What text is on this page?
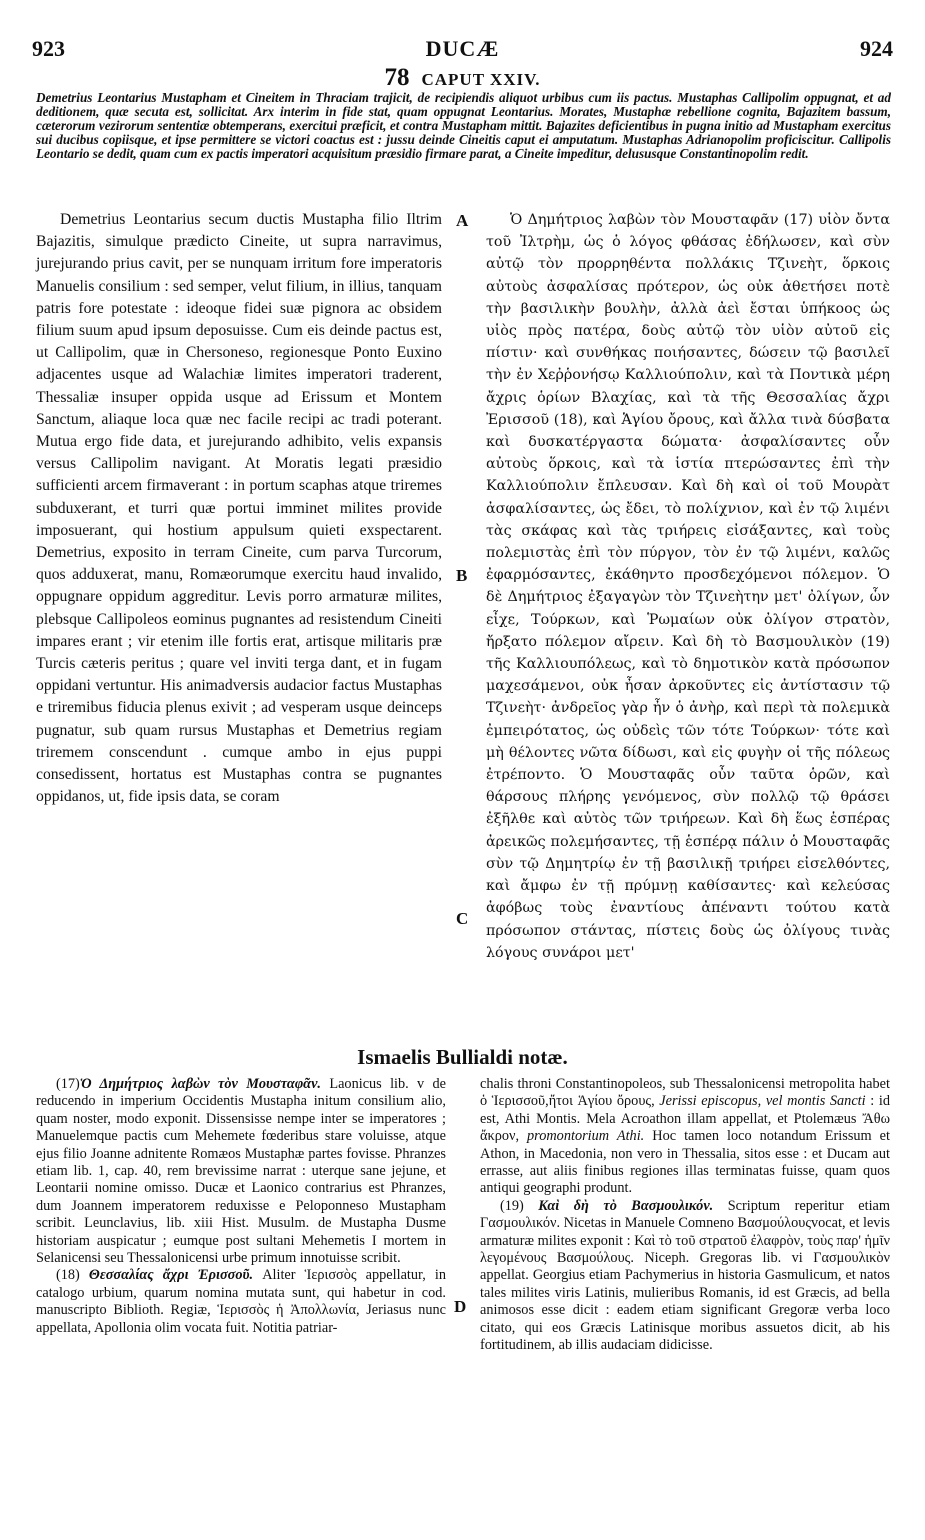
923	DUCÆ	924
78 CAPUT XXIV.

Demetrius Leontarius Mustapham et Cineitem in Thraciam trajicit, de recipiendis aliquot urbibus cum iis pactus. Mustaphas Callipolim oppugnat, et ad deditionem, quæ secuta est, sollicitat. Arx interim in fide stat, quam oppugnat Leontarius. Morates, Mustaphæ rebellione cognita, Bajazitem bassum, cæterorum vezirorum sententiæ obtemperans, exercitui præficit, et contra Mustapham mittit. Bajazites deficientibus in pugna initio ad Mustapham exercitus sui ducibus copiisque, et ipse permittere se victori coactus est : jussu deinde Cineitis caput ei amputatum. Mustaphas Adrianopolim proficiscitur. Callipolis Leontario se dedit, quam cum ex pactis imperatori acquisitum præsidio firmare parat, a Cineite impeditur, delususque Constantinopolim redit.

Demetrius Leontarius secum ductis Mustapha filio Iltrim Bajazitis, simulque prædicto Cineite, ut supra narravimus, jurejurando prius cavit, per se nunquam irritum fore imperatoris Manuelis consilium : sed semper, velut filium, in illius, tanquam patris fore potestate : ideoque fidei suæ pignora ac obsidem filium suum apud ipsum deposuisse. Cum eis deinde pactus est, ut Callipolim, quæ in Chersoneso, regionesque Ponto Euxino adjacentes usque ad Walachiæ limites imperatori traderent, Thessaliæ insuper oppida usque ad Erissum et Montem Sanctum, aliaque loca quæ nec facile recipi ac tradi poterant. Mutua ergo fide data, et jurejurando adhibito, velis expansis versus Callipolim navigant. At Moratis legati præsidio sufficienti arcem firmaverant : in portum scaphas atque triremes subduxerant, et turri quæ portui imminet milites provide imposuerant, qui hostium appulsum quieti exspectarent. Demetrius, exposito in terram Cineite, cum parva Turcorum, quos adduxerat, manu, Romæorumque exercitu haud invalido, oppugnare oppidum aggreditur. Levis porro armaturæ milites, plebsque Callipoleos eominus pugnantes ad resistendum Cineiti impares erant ; vir etenim ille fortis erat, artisque militaris præ Turcis cæteris peritus ; quare vel inviti terga dant, et in fugam oppidani vertuntur. His animadversis audacior factus Mustaphas e triremibus fiducia plenus exivit ; ad vesperam usque deinceps pugnatur, sub quam rursus Mustaphas et Demetrius regiam triremem conscendunt . cumque ambo in ejus puppi consedissent, hortatus est Mustaphas contra se pugnantes oppidanos, ut, fide ipsis data, se coram

A
B
C
D

Ὁ Δημήτριος λαβὼν τὸν Μουσταφᾶν (17) υἱὸν ὄντα τοῦ Ἰλτρὴμ, ὡς ὁ λόγος φθάσας ἐδήλωσεν, καὶ σὺν αὐτῷ τὸν προρρηθέντα πολλάκις Τζινεὴτ, ὅρκοις αὐτοὺς ἀσφαλίσας πρότερον, ὡς οὐκ ἀθετήσει ποτὲ τὴν βασιλικὴν βουλὴν, ἀλλὰ ἀεὶ ἔσται ὑπήκοος ὡς υἱὸς πρὸς πατέρα, δοὺς αὐτῷ τὸν υἱὸν αὐτοῦ εἰς πίστιν· καὶ συνθήκας ποιήσαντες, δώσειν τῷ βασιλεῖ τὴν ἐν Χεῤῥονήσῳ Καλλιούπολιν, καὶ τὰ Ποντικὰ μέρη ἄχρις ὁρίων Βλαχίας, καὶ τὰ τῆς Θεσσαλίας ἄχρι Ἐρισσοῦ (18), καὶ Ἁγίου ὄρους, καὶ ἄλλα τινὰ δύσβατα καὶ δυσκατέργαστα δώματα· ἀσφαλίσαντες οὖν αὐτοὺς ὅρκοις, καὶ τὰ ἱστία πτερώσαντες ἐπὶ τὴν Καλλιούπολιν ἔπλευσαν. Καὶ δὴ καὶ οἱ τοῦ Μουρὰτ ἀσφαλίσαντες, ὡς ἔδει, τὸ πολίχνιον, καὶ ἐν τῷ λιμένι τὰς σκάφας καὶ τὰς τριήρεις εἰσάξαντες, καὶ τοὺς πολεμιστὰς ἐπὶ τὸν πύργον, τὸν ἐν τῷ λιμένι, καλῶς ἐφαρμόσαντες, ἐκάθηντο προσδεχόμενοι πόλεμον. Ὁ δὲ Δημήτριος ἐξαγαγὼν τὸν Τζινεὴτην μετ' ὀλίγων, ὧν εἶχε, Τούρκων, καὶ Ῥωμαίων οὐκ ὀλίγον στρατὸν, ἤρξατο πόλεμον αἴρειν. Καὶ δὴ τὸ Βασμουλικὸν (19) τῆς Καλλιουπόλεως, καὶ τὸ δημοτικὸν κατὰ πρόσωπον μαχεσάμενοι, οὐκ ἦσαν ἀρκοῦντες εἰς ἀντίστασιν τῷ Τζινεὴτ· ἀνδρεῖος γὰρ ἦν ὁ ἀνὴρ, καὶ περὶ τὰ πολεμικὰ ἐμπειρότατος, ὡς οὐδεὶς τῶν τότε Τούρκων· τότε καὶ μὴ θέλοντες νῶτα δίδωσι, καὶ εἰς φυγὴν οἱ τῆς πόλεως ἐτρέποντο. Ὁ Μουσταφᾶς οὖν ταῦτα ὁρῶν, καὶ θάρσους πλήρης γενόμενος, σὺν πολλῷ τῷ θράσει ἐξῆλθε καὶ αὐτὸς τῶν τριήρεων. Καὶ δὴ ἕως ἑσπέρας ἀρεικῶς πολεμήσαντες, τῇ ἑσπέρᾳ πάλιν ὁ Μουσταφᾶς σὺν τῷ Δημητρίῳ ἐν τῇ βασιλικῇ τριήρει εἰσελθόντες, καὶ ἄμφω ἐν τῇ πρύμνῃ καθίσαντες· καὶ κελεύσας ἀφόβως τοὺς ἐναντίους ἀπέναντι τούτου κατὰ πρόσωπον στάντας, πίστεις δοὺς ὡς ὀλίγους τινὰς λόγους συνάροι μετ'

Ismaelis Bullialdi notæ.

(17)Ὁ Δημήτριος λαβὼν τὸν Μουσταφᾶν. Laonicus lib. v de reducendo in imperium Occidentis Mustapha initum consilium alio, quam noster, modo exponit. Dissensisse nempe inter se imperatores ; Manuelemque pactis cum Mehemete fœderibus stare voluisse, atque ejus filio Joanne adnitente Romæos Mustaphæ partes fovisse. Phranzes etiam lib. 1, cap. 40, rem brevissime narrat : uterque sane jejune, et Leontarii nomine omisso. Ducæ et Laonico contrarius est Phranzes, dum Joannem imperatorem reduxisse e Peloponneso Mustapham scribit. Leunclavius, lib. xiii Hist. Musulm. de Mustapha Dusme historiam auspicatur ; eumque post sultani Mehemetis I mortem in Selanicensi seu Thessalonicensi urbe primum innotuisse scribit.

(18) Θεσσαλίας ἄχρι Ἐρισσοῦ. Aliter Ἱερισσὸς appellatur, in catalogo urbium, quarum nomina mutata sunt, qui habetur in cod. manuscripto Biblioth. Regiæ, Ἱερισσὸς ἡ Ἀπολλωνία, Jeriasus nunc appellata, Apollonia olim vocata fuit. Notitia patriar-

chalis throni Constantinopoleos, sub Thessalonicensi metropolita habet ὁ Ἱερισσοῦ,ἤτοι Ἁγίου ὄρους, Jerissi episcopus, vel montis Sancti : id est, Athi Montis. Mela Acroathon illam appellat, et Ptolemæus Ἄθω ἄκρον, promontorium Athi. Hoc tamen loco notandum Erissum et Athon, in Macedonia, non vero in Thessalia, sitos esse : et Ducam aut errasse, aut aliis finibus regiones illas terminatas fuisse, quam quos antiqui geographi produnt.

(19) Καὶ δὴ τὸ Βασμουλικόν. Scriptum reperitur etiam Γασμουλικόν. Nicetas in Manuele Comneno Βασμούλουςvocat, et levis armaturæ milites exponit : Καὶ τὸ τοῦ στρατοῦ ἐλαφρὸν, τοὺς παρ' ἡμῖν λεγομένους Βασμούλους. Niceph. Gregoras lib. vi Γασμουλικὸν appellat. Georgius etiam Pachymerius in historia Gasmulicum, et natos tales milites viris Latinis, mulieribus Romanis, id est Græcis, ad bella animosos esse dicit : eadem etiam significant Gregoræ verba loco citato, qui eos Græcis Latinisque moribus assuetos dicit, ab his fortitudinem, ab illis audaciam didicisse.
